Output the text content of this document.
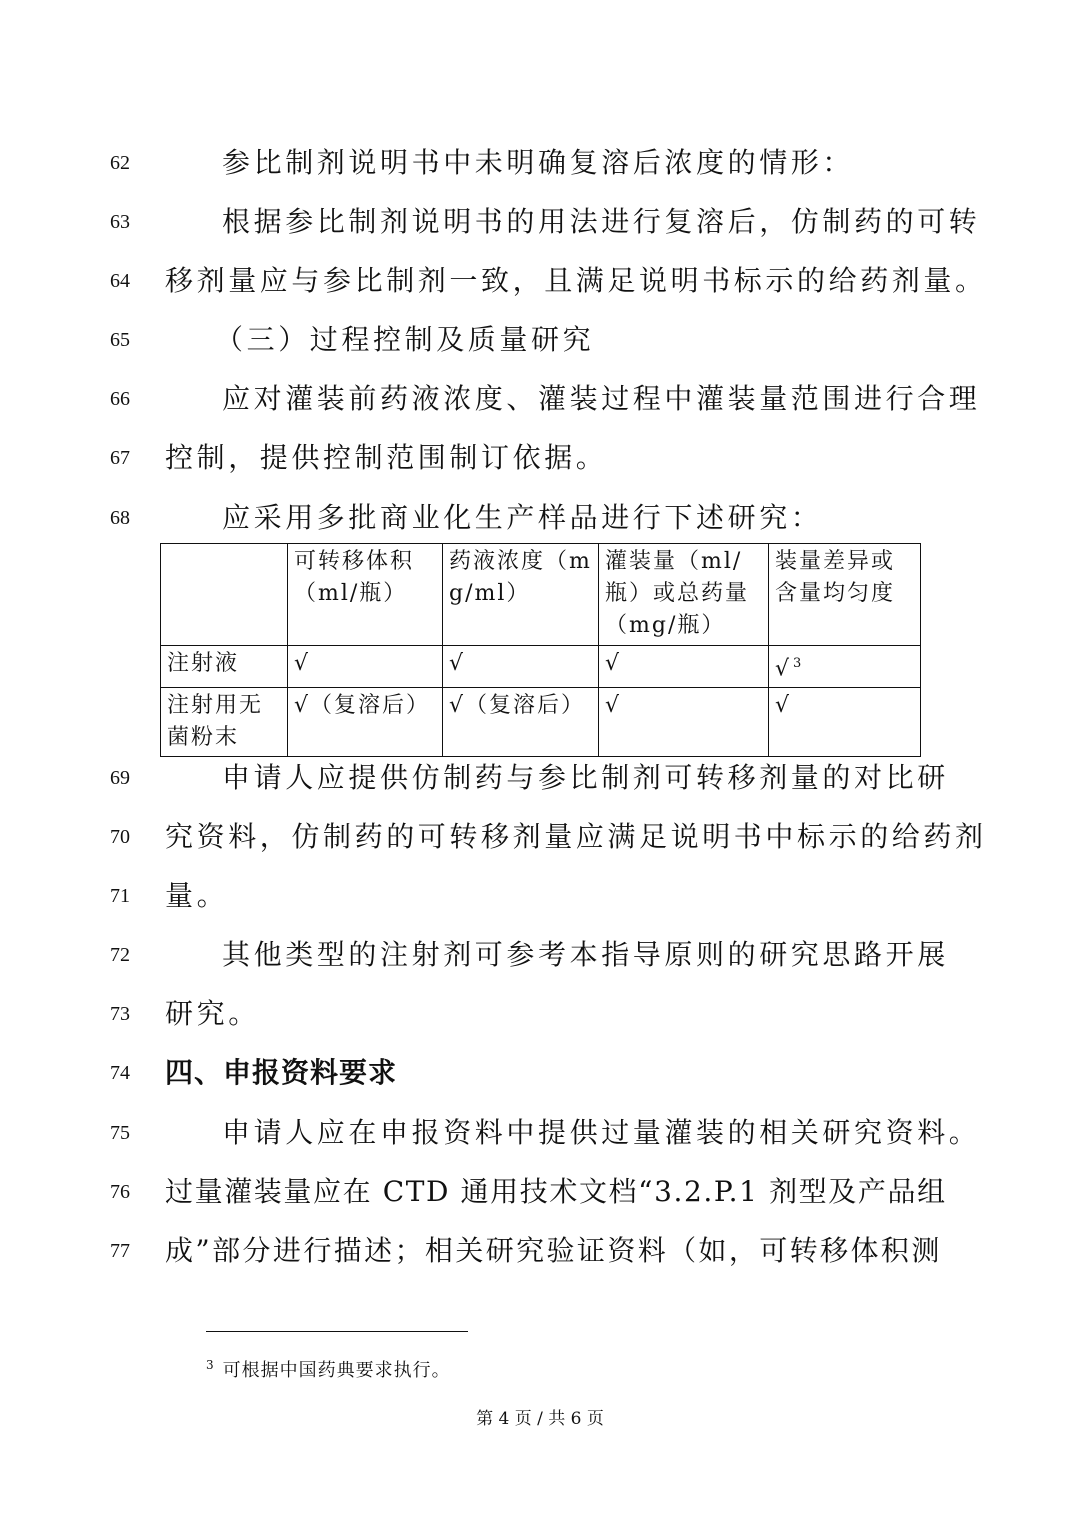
62	参比制剂说明书中未明确复溶后浓度的情形：
63	根据参比制剂说明书的用法进行复溶后，仿制药的可转
64	移剂量应与参比制剂一致，且满足说明书标示的给药剂量。
65	（三）过程控制及质量研究
66	应对灌装前药液浓度、灌装过程中灌装量范围进行合理
67	控制，提供控制范围制订依据。
68	应采用多批商业化生产样品进行下述研究：
	可转移体积（ml/瓶）	药液浓度（mg/ml）	灌装量（ml/瓶）或总药量（mg/瓶）	装量差异或含量均匀度
注射液	√	√	√	√ $^3$
注射用无菌粉末	√（复溶后）	√（复溶后）	√	√
69	申请人应提供仿制药与参比制剂可转移剂量的对比研
70	究资料，仿制药的可转移剂量应满足说明书中标示的给药剂
71	量。
72	其他类型的注射剂可参考本指导原则的研究思路开展
73	研究。
74	四、申报资料要求
75	申请人应在申报资料中提供过量灌装的相关研究资料。
76	过量灌装量应在 CTD 通用技术文档“3.2.P.1 剂型及产品组
77	成”部分进行描述；相关研究验证资料（如，可转移体积测
$^3$ 可根据中国药典要求执行。
第 4 页 / 共 6 页
